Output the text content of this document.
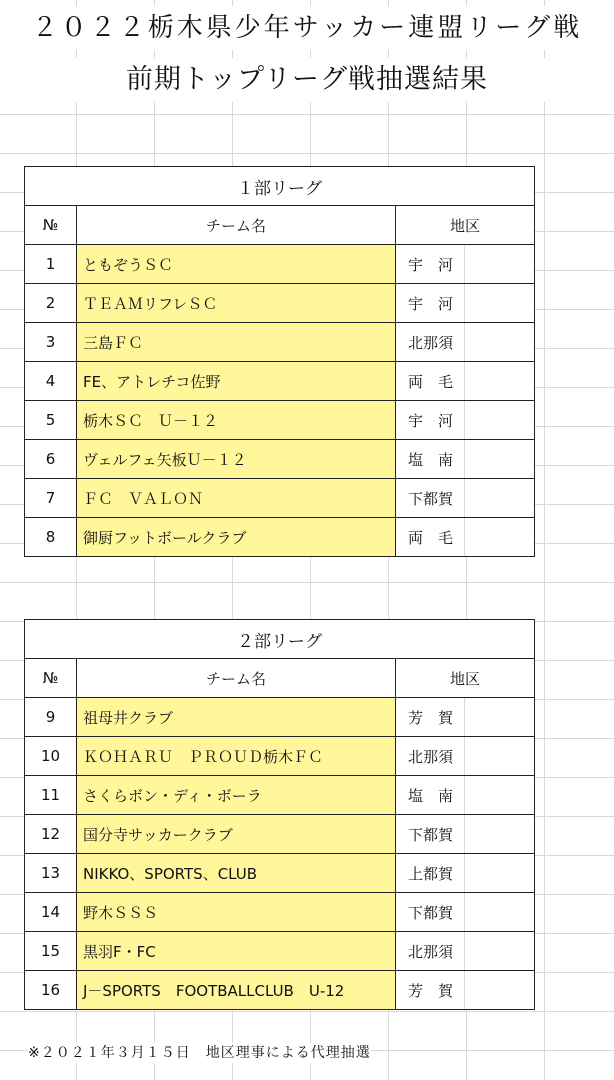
２０２２栃木県少年サッカー連盟リーグ戦
前期トップリーグ戦抽選結果
１部リーグ			
№	チーム名	地区	
1	ともぞうＳＣ	宇　河	
2	ＴＥＡＭリフレＳＣ	宇　河	
3	三島ＦＣ	北那須	
4	FE、アトレチコ佐野	両　毛	
5	栃木ＳＣ　Ｕ－１２	宇　河	
6	ヴェルフェ矢板Ｕ－１２	塩　南	
7	ＦＣ　ＶＡＬＯＮ	下都賀	
8	御厨フットボールクラブ	両　毛	
２部リーグ			
№	チーム名	地区	
9	祖母井クラブ	芳　賀	
10	ＫＯＨＡＲＵ　ＰＲＯＵＤ栃木ＦＣ	北那須	
11	さくらボン・ディ・ボーラ	塩　南	
12	国分寺サッカークラブ	下都賀	
13	NIKKO、SPORTS、CLUB	上都賀	
14	野木ＳＳＳ	下都賀	
15	黒羽F・FC	北那須	
16	J－SPORTS　FOOTBALLCLUB　U-12	芳　賀	
※２０２１年３月１５日　地区理事による代理抽選
